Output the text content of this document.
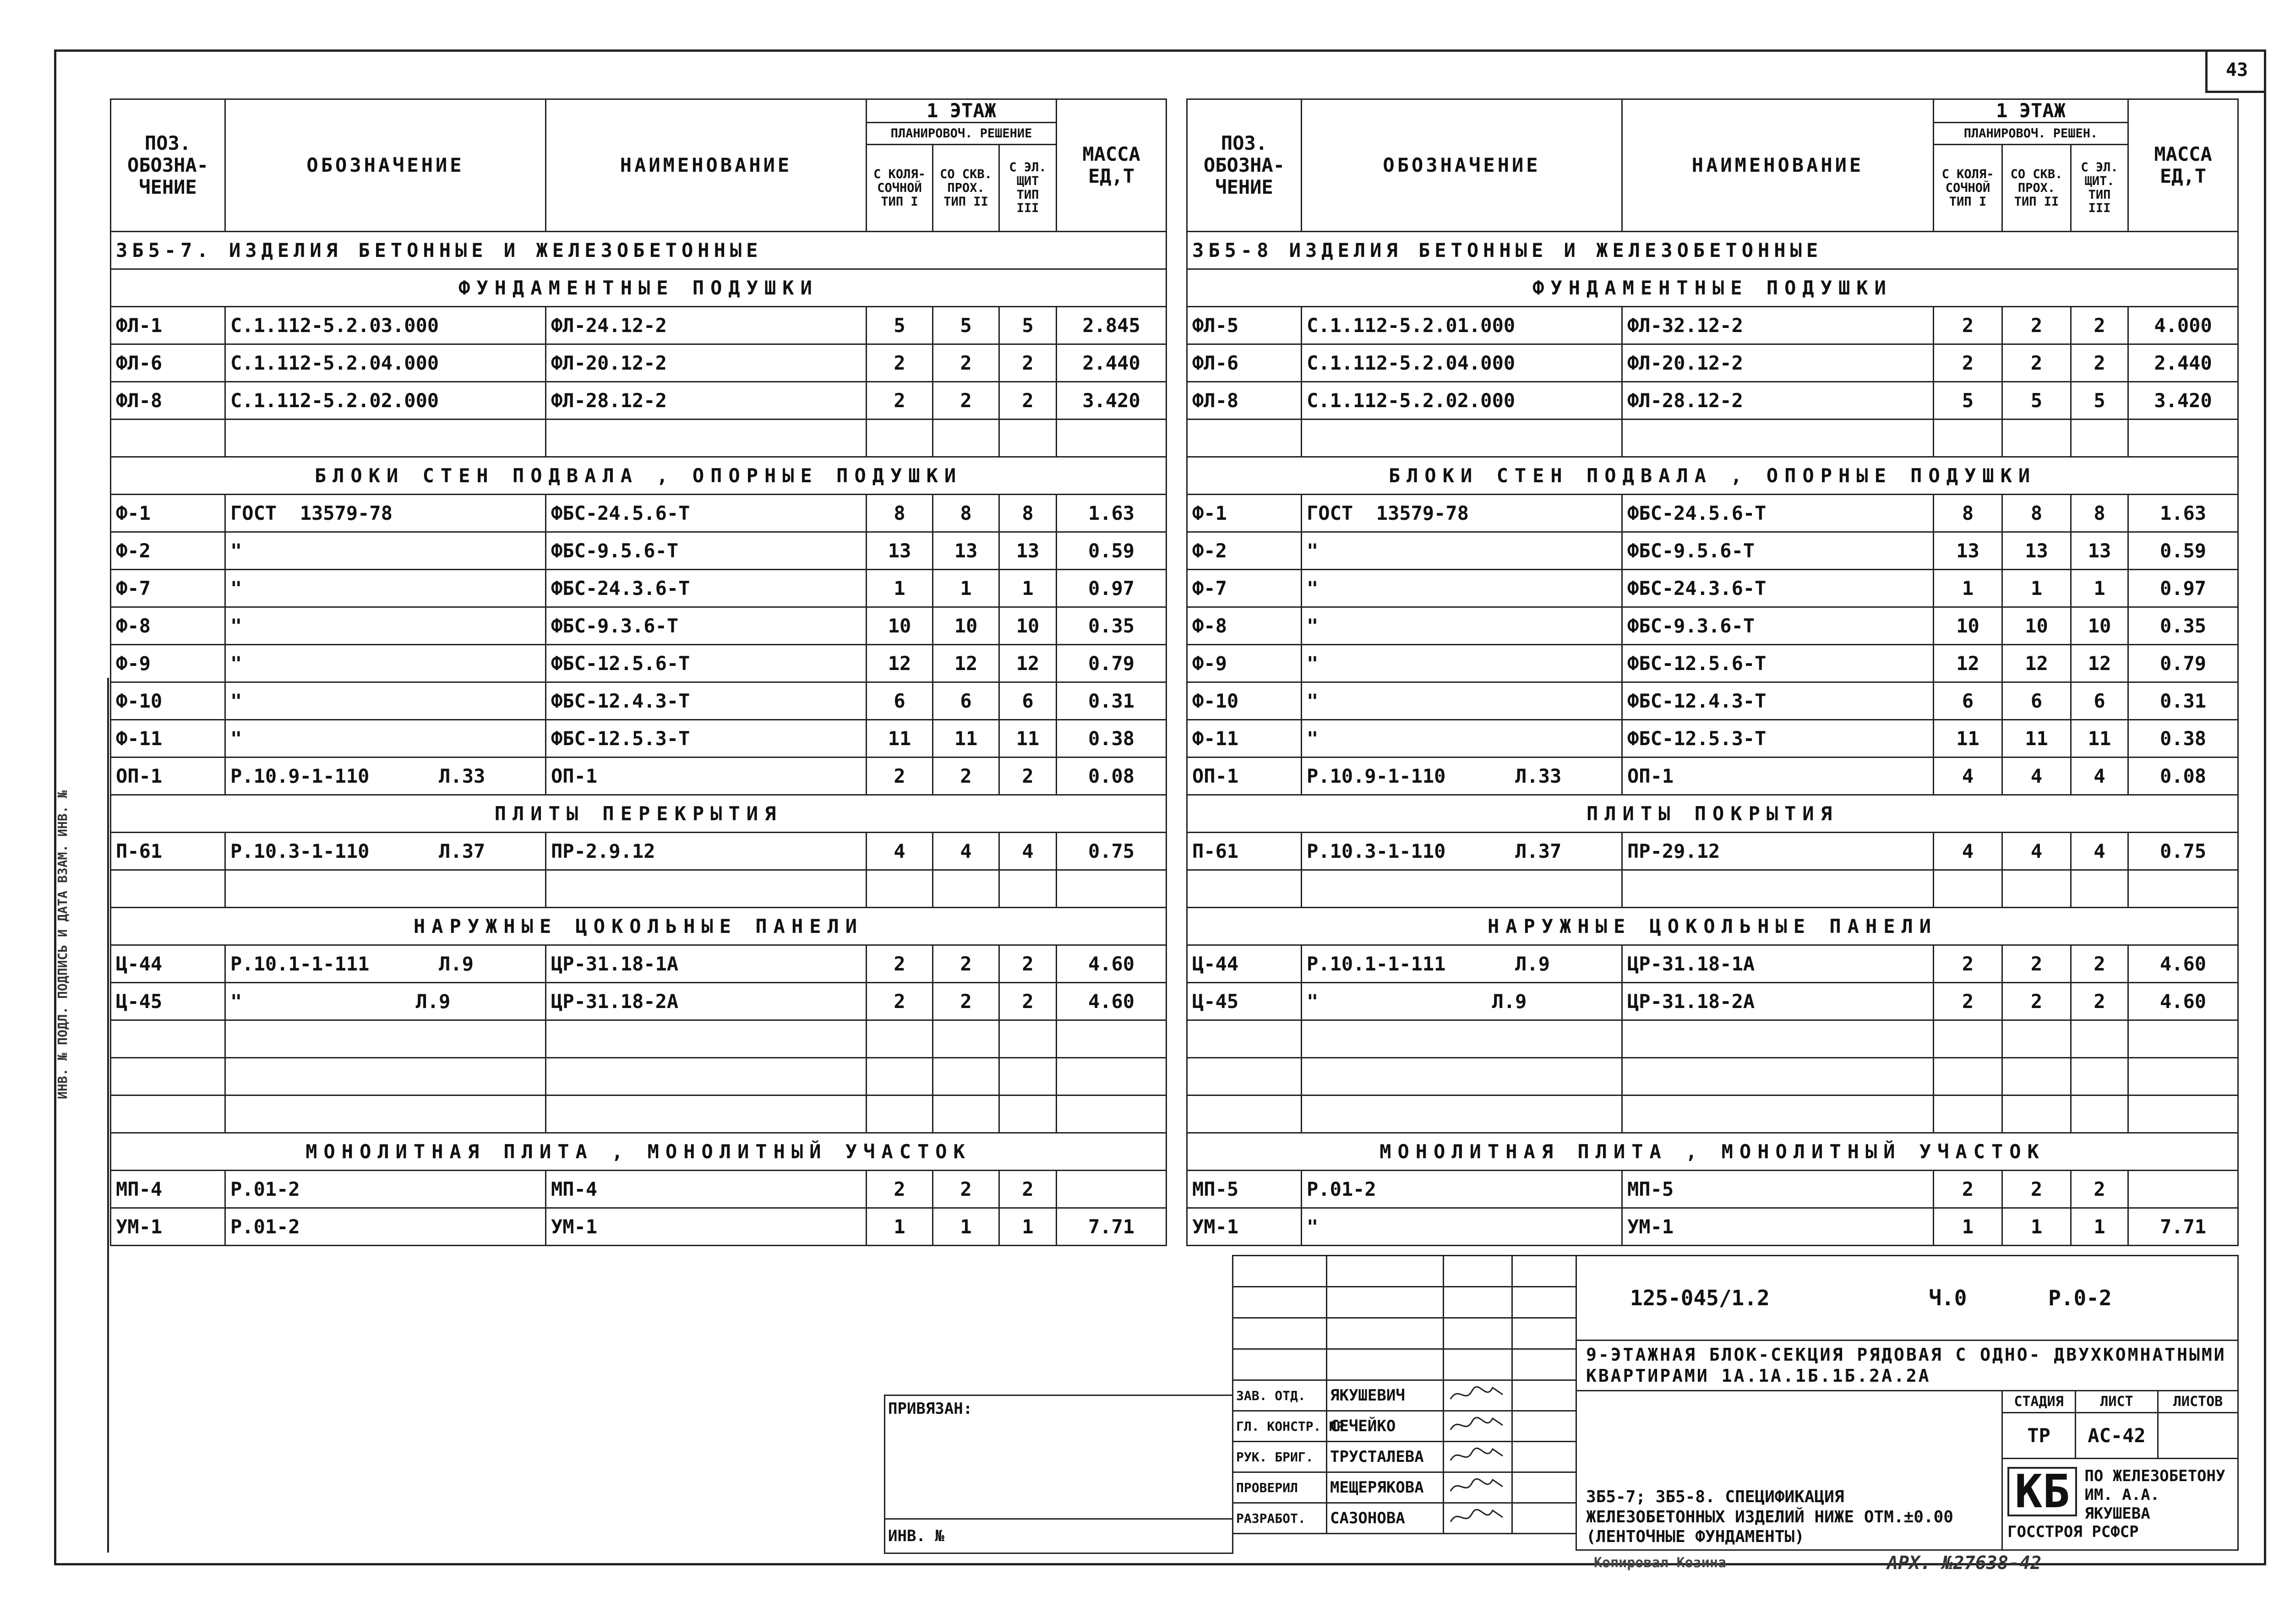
43
ИНВ. № ПОДЛ. ПОДПИСЬ И ДАТА ВЗАМ. ИНВ. №
ПОЗ. ОБОЗНА- ЧЕНИЕ	ОБОЗНАЧЕНИЕ	НАИМЕНОВАНИЕ	1 ЭТАЖ			МАССА ЕД,Т
			ПЛАНИРОВОЧ. РЕШЕНИЕ			
			С КОЛЯ- СОЧНОЙ ТИП I	СО СКВ. ПРОХ. ТИП II	С ЭЛ. ЩИТ ТИП III	
ЗБ5-7. ИЗДЕЛИЯ БЕТОННЫЕ И ЖЕЛЕЗОБЕТОННЫЕ						
ФУНДАМЕНТНЫЕ ПОДУШКИ						
ФЛ-1	С.1.112-5.2.03.000	ФЛ-24.12-2	5	5	5	2.845
ФЛ-6	С.1.112-5.2.04.000	ФЛ-20.12-2	2	2	2	2.440
ФЛ-8	С.1.112-5.2.02.000	ФЛ-28.12-2	2	2	2	3.420

БЛОКИ СТЕН ПОДВАЛА , ОПОРНЫЕ ПОДУШКИ						
Ф-1	ГОСТ  13579-78	ФБС-24.5.6-Т	8	8	8	1.63
Ф-2	"	ФБС-9.5.6-Т	13	13	13	0.59
Ф-7	"	ФБС-24.3.6-Т	1	1	1	0.97
Ф-8	"	ФБС-9.3.6-Т	10	10	10	0.35
Ф-9	"	ФБС-12.5.6-Т	12	12	12	0.79
Ф-10	"	ФБС-12.4.3-Т	6	6	6	0.31
Ф-11	"	ФБС-12.5.3-Т	11	11	11	0.38
ОП-1	Р.10.9-1-110      Л.33	ОП-1	2	2	2	0.08
ПЛИТЫ ПЕРЕКРЫТИЯ						
П-61	Р.10.3-1-110      Л.37	ПР-2.9.12	4	4	4	0.75

НАРУЖНЫЕ ЦОКОЛЬНЫЕ ПАНЕЛИ						
Ц-44	Р.10.1-1-111      Л.9	ЦР-31.18-1А	2	2	2	4.60
Ц-45	"               Л.9	ЦР-31.18-2А	2	2	2	4.60

МОНОЛИТНАЯ ПЛИТА , МОНОЛИТНЫЙ УЧАСТОК						
МП-4	Р.01-2	МП-4	2	2	2	
УМ-1	Р.01-2	УМ-1	1	1	1	7.71
ПОЗ. ОБОЗНА- ЧЕНИЕ	ОБОЗНАЧЕНИЕ	НАИМЕНОВАНИЕ	1 ЭТАЖ			МАССА ЕД,Т
			ПЛАНИРОВОЧ. РЕШЕН.			
			С КОЛЯ- СОЧНОЙ ТИП I	СО СКВ. ПРОХ. ТИП II	С ЭЛ. ЩИТ. ТИП III	
ЗБ5-8 ИЗДЕЛИЯ БЕТОННЫЕ И ЖЕЛЕЗОБЕТОННЫЕ						
ФУНДАМЕНТНЫЕ ПОДУШКИ						
ФЛ-5	С.1.112-5.2.01.000	ФЛ-32.12-2	2	2	2	4.000
ФЛ-6	С.1.112-5.2.04.000	ФЛ-20.12-2	2	2	2	2.440
ФЛ-8	С.1.112-5.2.02.000	ФЛ-28.12-2	5	5	5	3.420

БЛОКИ СТЕН ПОДВАЛА , ОПОРНЫЕ ПОДУШКИ						
Ф-1	ГОСТ  13579-78	ФБС-24.5.6-Т	8	8	8	1.63
Ф-2	"	ФБС-9.5.6-Т	13	13	13	0.59
Ф-7	"	ФБС-24.3.6-Т	1	1	1	0.97
Ф-8	"	ФБС-9.3.6-Т	10	10	10	0.35
Ф-9	"	ФБС-12.5.6-Т	12	12	12	0.79
Ф-10	"	ФБС-12.4.3-Т	6	6	6	0.31
Ф-11	"	ФБС-12.5.3-Т	11	11	11	0.38
ОП-1	Р.10.9-1-110      Л.33	ОП-1	4	4	4	0.08
ПЛИТЫ ПОКРЫТИЯ						
П-61	Р.10.3-1-110      Л.37	ПР-29.12	4	4	4	0.75

НАРУЖНЫЕ ЦОКОЛЬНЫЕ ПАНЕЛИ						
Ц-44	Р.10.1-1-111      Л.9	ЦР-31.18-1А	2	2	2	4.60
Ц-45	"               Л.9	ЦР-31.18-2А	2	2	2	4.60

МОНОЛИТНАЯ ПЛИТА , МОНОЛИТНЫЙ УЧАСТОК						
МП-5	Р.01-2	МП-5	2	2	2	
УМ-1	"	УМ-1	1	1	1	7.71
ПРИВЯЗАН:
ИНВ. №

ЗАВ. ОТД.	ЯКУШЕВИЧ		
ГЛ. КОНСТР. ПР	СЕЧЕЙКО		
РУК. БРИГ.	ТРУСТАЛЕВА		
ПРОВЕРИЛ	МЕЩЕРЯКОВА		
РАЗРАБОТ.	САЗОНОВА		
125-045/1.2 Ч.0 Р.0-2			
9-ЭТАЖНАЯ БЛОК-СЕКЦИЯ РЯДОВАЯ С ОДНО- ДВУХКОМНАТНЫМИ КВАРТИРАМИ 1А.1А.1Б.1Б.2А.2А			
ЗБ5-7; ЗБ5-8. СПЕЦИФИКАЦИЯ ЖЕЛЕЗОБЕТОННЫХ ИЗДЕЛИЙ НИЖЕ ОТМ.±0.00 (ЛЕНТОЧНЫЕ ФУНДАМЕНТЫ)	СТАДИЯ	ЛИСТ	ЛИСТОВ
	ТР	АС-42	

	КБ ПО ЖЕЛЕЗОБЕТОНУ ИМ. А.А. ЯКУШЕВА ГОССТРОЯ РСФСР		
Копировал Козина	АРХ. №27638-42
